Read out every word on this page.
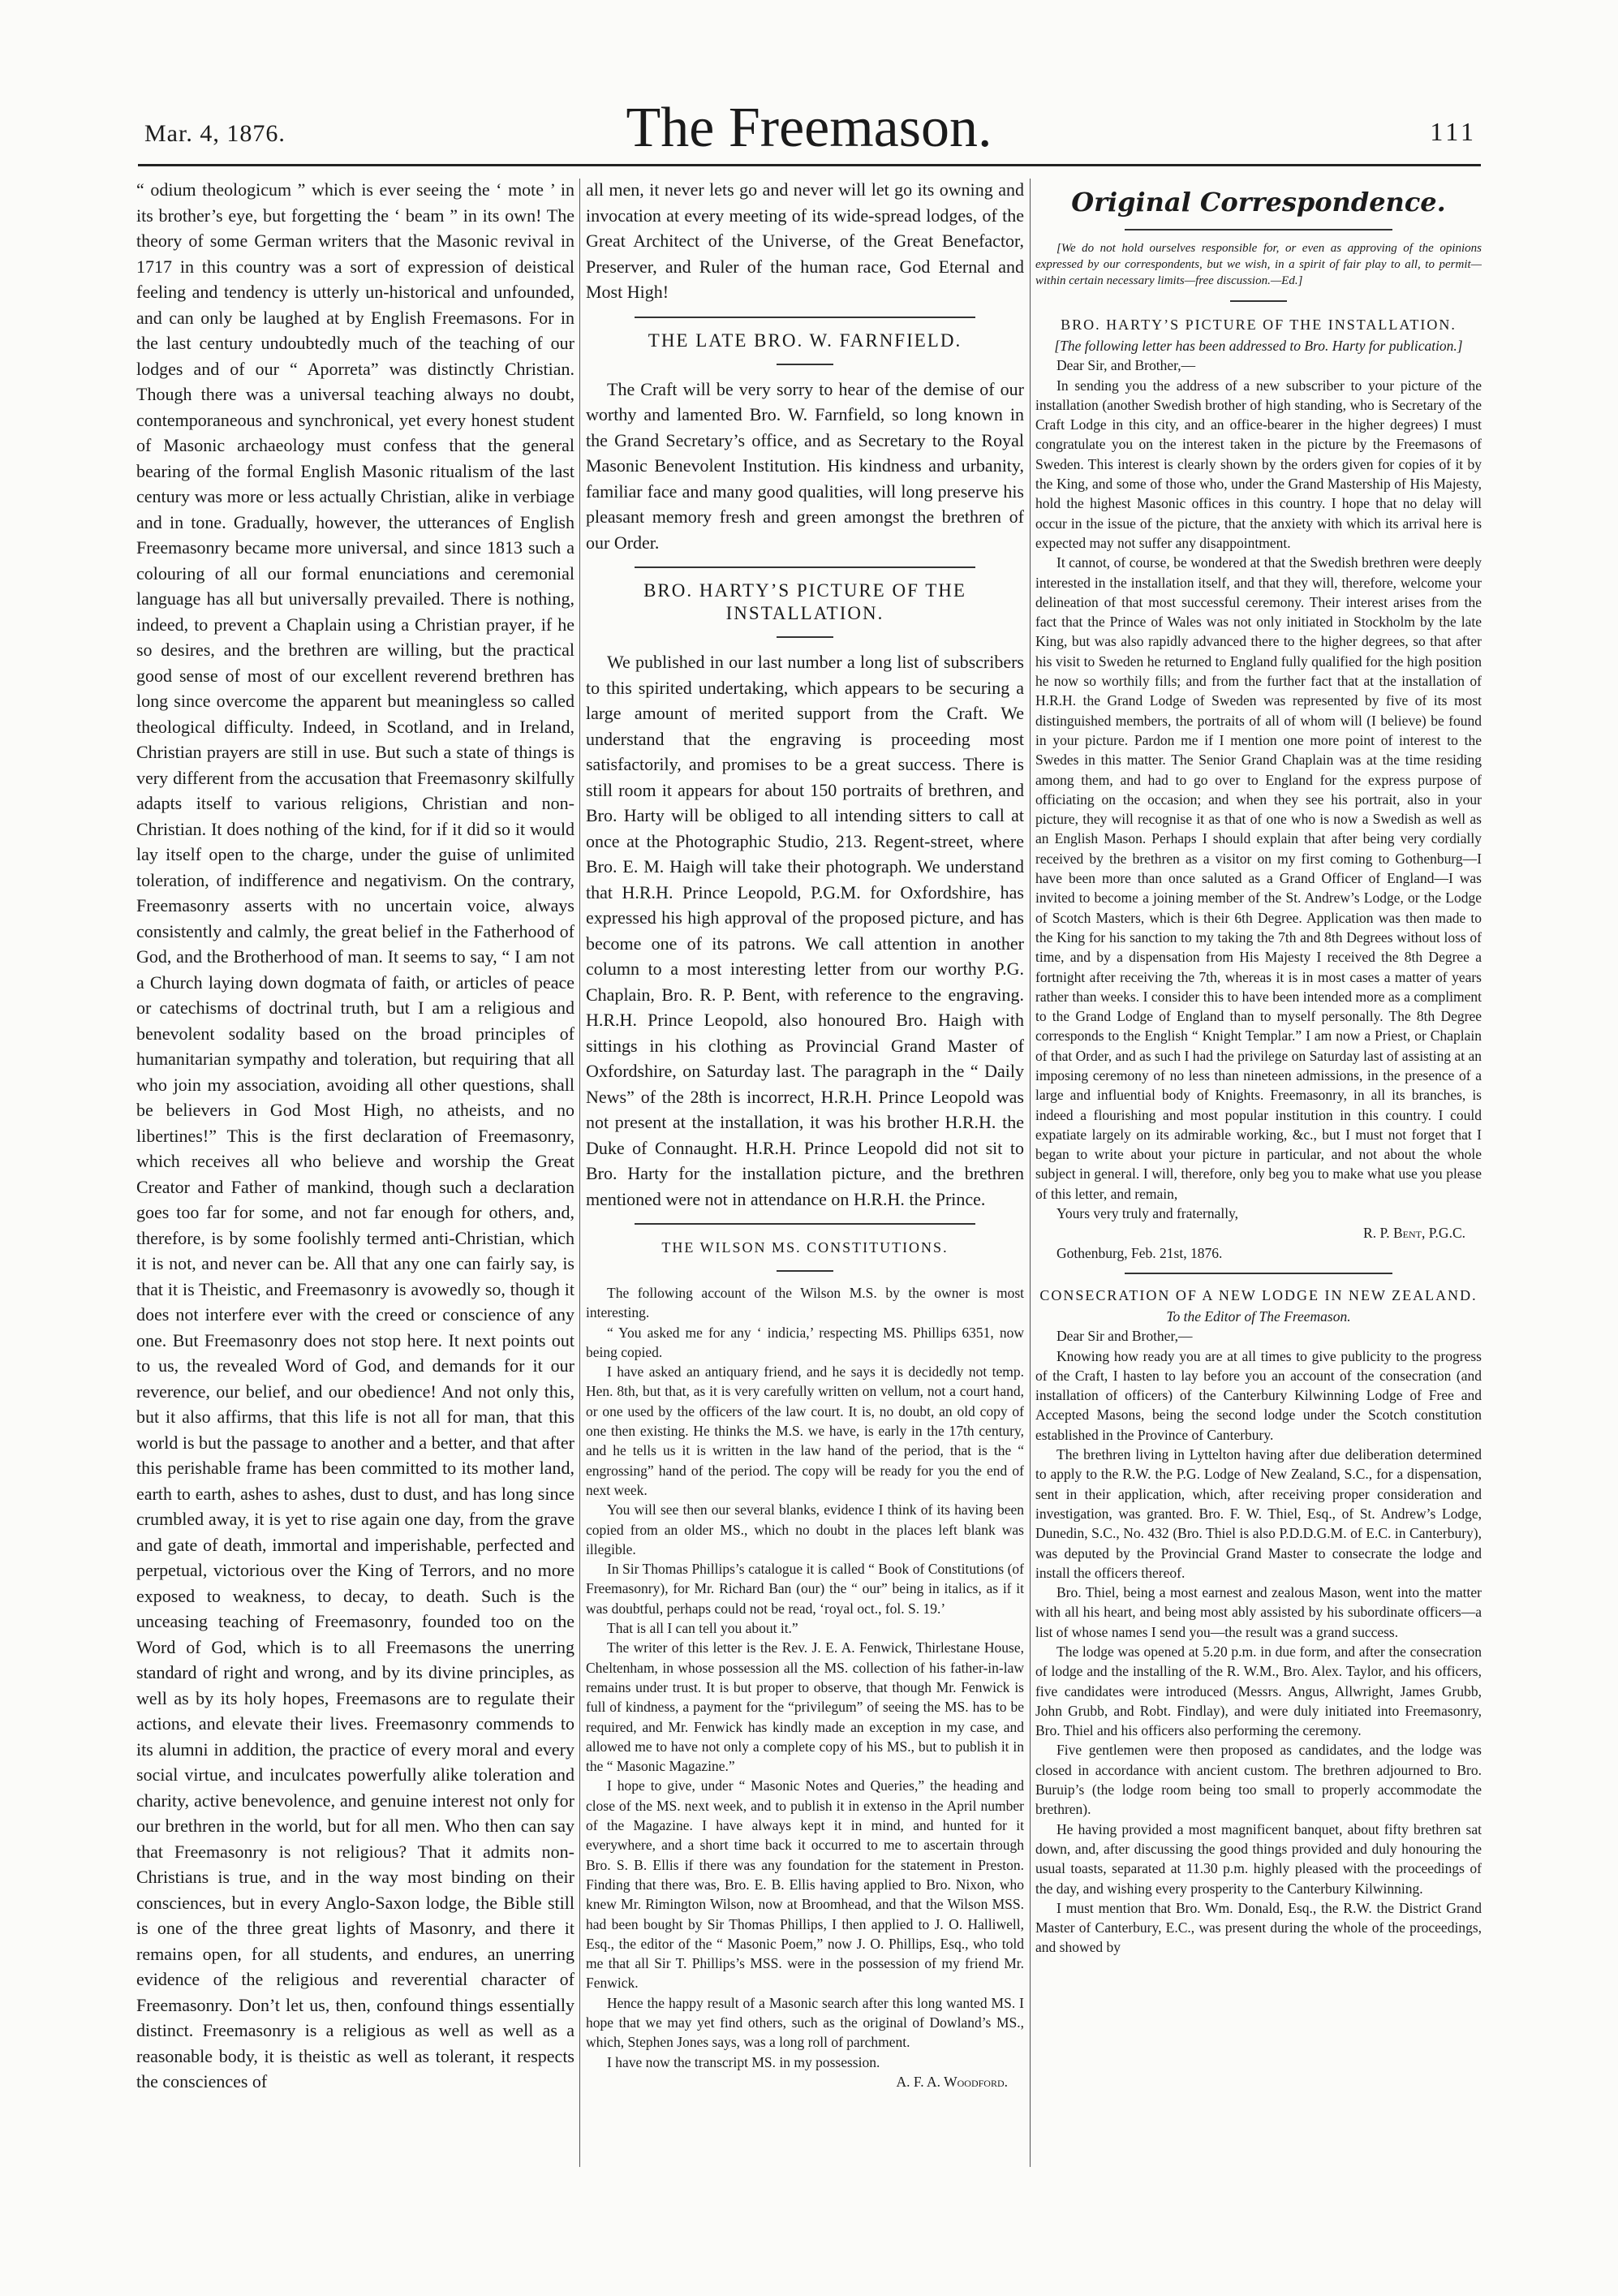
Mar. 4, 1876.	The Freemason.	111

“ odium theologicum ” which is ever seeing the ‘ mote ’ in its brother’s eye, but forgetting the ‘ beam ” in its own! The theory of some German writers that the Masonic revival in 1717 in this country was a sort of expression of deistical feeling and tendency is utterly un-historical and unfounded, and can only be laughed at by English Freemasons. For in the last century undoubtedly much of the teaching of our lodges and of our “ Aporreta” was distinctly Christian. Though there was a universal teaching always no doubt, contemporaneous and synchronical, yet every honest student of Masonic archaeology must confess that the general bearing of the formal English Masonic ritualism of the last century was more or less actually Christian, alike in verbiage and in tone. Gradually, however, the utterances of English Freemasonry became more universal, and since 1813 such a colouring of all our formal enunciations and ceremonial language has all but universally prevailed. There is nothing, indeed, to prevent a Chaplain using a Christian prayer, if he so desires, and the brethren are willing, but the practical good sense of most of our excellent reverend brethren has long since overcome the apparent but meaningless so called theological difficulty. Indeed, in Scotland, and in Ireland, Christian prayers are still in use. But such a state of things is very different from the accusation that Freemasonry skilfully adapts itself to various religions, Christian and non-Christian. It does nothing of the kind, for if it did so it would lay itself open to the charge, under the guise of unlimited toleration, of indifference and negativism. On the contrary, Freemasonry asserts with no uncertain voice, always consistently and calmly, the great belief in the Fatherhood of God, and the Brotherhood of man. It seems to say, “ I am not a Church laying down dogmata of faith, or articles of peace or catechisms of doctrinal truth, but I am a religious and benevolent sodality based on the broad principles of humanitarian sympathy and toleration, but requiring that all who join my association, avoiding all other questions, shall be believers in God Most High, no atheists, and no libertines!” This is the first declaration of Freemasonry, which receives all who believe and worship the Great Creator and Father of mankind, though such a declaration goes too far for some, and not far enough for others, and, therefore, is by some foolishly termed anti-Christian, which it is not, and never can be. All that any one can fairly say, is that it is Theistic, and Freemasonry is avowedly so, though it does not interfere ever with the creed or conscience of any one. But Freemasonry does not stop here. It next points out to us, the revealed Word of God, and demands for it our reverence, our belief, and our obedience! And not only this, but it also affirms, that this life is not all for man, that this world is but the passage to another and a better, and that after this perishable frame has been committed to its mother land, earth to earth, ashes to ashes, dust to dust, and has long since crumbled away, it is yet to rise again one day, from the grave and gate of death, immortal and imperishable, perfected and perpetual, victorious over the King of Terrors, and no more exposed to weakness, to decay, to death. Such is the unceasing teaching of Freemasonry, founded too on the Word of God, which is to all Freemasons the unerring standard of right and wrong, and by its divine principles, as well as by its holy hopes, Freemasons are to regulate their actions, and elevate their lives. Freemasonry commends to its alumni in addition, the practice of every moral and every social virtue, and inculcates powerfully alike toleration and charity, active benevolence, and genuine interest not only for our brethren in the world, but for all men. Who then can say that Freemasonry is not religious? That it admits non-Christians is true, and in the way most binding on their consciences, but in every Anglo-Saxon lodge, the Bible still is one of the three great lights of Masonry, and there it remains open, for all students, and endures, an unerring evidence of the religious and reverential character of Freemasonry. Don’t let us, then, confound things essentially distinct. Freemasonry is a religious as well as well as a reasonable body, it is theistic as well as tolerant, it respects the consciences of

all men, it never lets go and never will let go its owning and invocation at every meeting of its wide-spread lodges, of the Great Architect of the Universe, of the Great Benefactor, Preserver, and Ruler of the human race, God Eternal and Most High!

THE LATE BRO. W. FARNFIELD.

The Craft will be very sorry to hear of the demise of our worthy and lamented Bro. W. Farnfield, so long known in the Grand Secretary’s office, and as Secretary to the Royal Masonic Benevolent Institution. His kindness and urbanity, familiar face and many good qualities, will long preserve his pleasant memory fresh and green amongst the brethren of our Order.

BRO. HARTY’S PICTURE OF THE INSTALLATION.

We published in our last number a long list of subscribers to this spirited undertaking, which appears to be securing a large amount of merited support from the Craft. We understand that the engraving is proceeding most satisfactorily, and promises to be a great success. There is still room it appears for about 150 portraits of brethren, and Bro. Harty will be obliged to all intending sitters to call at once at the Photographic Studio, 213. Regent-street, where Bro. E. M. Haigh will take their photograph. We understand that H.R.H. Prince Leopold, P.G.M. for Oxfordshire, has expressed his high approval of the proposed picture, and has become one of its patrons. We call attention in another column to a most interesting letter from our worthy P.G. Chaplain, Bro. R. P. Bent, with reference to the engraving. H.R.H. Prince Leopold, also honoured Bro. Haigh with sittings in his clothing as Provincial Grand Master of Oxfordshire, on Saturday last. The paragraph in the “ Daily News” of the 28th is incorrect, H.R.H. Prince Leopold was not present at the installation, it was his brother H.R.H. the Duke of Connaught. H.R.H. Prince Leopold did not sit to Bro. Harty for the installation picture, and the brethren mentioned were not in attendance on H.R.H. the Prince.

THE WILSON MS. CONSTITUTIONS.

The following account of the Wilson M.S. by the owner is most interesting.

“ You asked me for any ‘ indicia,’ respecting MS. Phillips 6351, now being copied.

I have asked an antiquary friend, and he says it is decidedly not temp. Hen. 8th, but that, as it is very carefully written on vellum, not a court hand, or one used by the officers of the law court. It is, no doubt, an old copy of one then existing. He thinks the M.S. we have, is early in the 17th century, and he tells us it is written in the law hand of the period, that is the “ engrossing” hand of the period. The copy will be ready for you the end of next week.

You will see then our several blanks, evidence I think of its having been copied from an older MS., which no doubt in the places left blank was illegible.

In Sir Thomas Phillips’s catalogue it is called “ Book of Constitutions (of Freemasonry), for Mr. Richard Ban (our) the “ our” being in italics, as if it was doubtful, perhaps could not be read, ‘royal oct., fol. S. 19.’

That is all I can tell you about it.”

The writer of this letter is the Rev. J. E. A. Fenwick, Thirlestane House, Cheltenham, in whose possession all the MS. collection of his father-in-law remains under trust. It is but proper to observe, that though Mr. Fenwick is full of kindness, a payment for the “privilegum” of seeing the MS. has to be required, and Mr. Fenwick has kindly made an exception in my case, and allowed me to have not only a complete copy of his MS., but to publish it in the “ Masonic Magazine.”

I hope to give, under “ Masonic Notes and Queries,” the heading and close of the MS. next week, and to publish it in extenso in the April number of the Magazine. I have always kept it in mind, and hunted for it everywhere, and a short time back it occurred to me to ascertain through Bro. S. B. Ellis if there was any foundation for the statement in Preston. Finding that there was, Bro. E. B. Ellis having applied to Bro. Nixon, who knew Mr. Rimington Wilson, now at Broomhead, and that the Wilson MSS. had been bought by Sir Thomas Phillips, I then applied to J. O. Halliwell, Esq., the editor of the “ Masonic Poem,” now J. O. Phillips, Esq., who told me that all Sir T. Phillips’s MSS. were in the possession of my friend Mr. Fenwick.

Hence the happy result of a Masonic search after this long wanted MS. I hope that we may yet find others, such as the original of Dowland’s MS., which, Stephen Jones says, was a long roll of parchment.

I have now the transcript MS. in my possession.

A. F. A. Woodford.

Original Correspondence.

[We do not hold ourselves responsible for, or even as approving of the opinions expressed by our correspondents, but we wish, in a spirit of fair play to all, to permit—within certain necessary limits—free discussion.—Ed.]

BRO. HARTY’S PICTURE OF THE INSTALLATION.

[The following letter has been addressed to Bro. Harty for publication.]

Dear Sir, and Brother,—

In sending you the address of a new subscriber to your picture of the installation (another Swedish brother of high standing, who is Secretary of the Craft Lodge in this city, and an office-bearer in the higher degrees) I must congratulate you on the interest taken in the picture by the Freemasons of Sweden. This interest is clearly shown by the orders given for copies of it by the King, and some of those who, under the Grand Mastership of His Majesty, hold the highest Masonic offices in this country. I hope that no delay will occur in the issue of the picture, that the anxiety with which its arrival here is expected may not suffer any disappointment.

It cannot, of course, be wondered at that the Swedish brethren were deeply interested in the installation itself, and that they will, therefore, welcome your delineation of that most successful ceremony. Their interest arises from the fact that the Prince of Wales was not only initiated in Stockholm by the late King, but was also rapidly advanced there to the higher degrees, so that after his visit to Sweden he returned to England fully qualified for the high position he now so worthily fills; and from the further fact that at the installation of H.R.H. the Grand Lodge of Sweden was represented by five of its most distinguished members, the portraits of all of whom will (I believe) be found in your picture. Pardon me if I mention one more point of interest to the Swedes in this matter. The Senior Grand Chaplain was at the time residing among them, and had to go over to England for the express purpose of officiating on the occasion; and when they see his portrait, also in your picture, they will recognise it as that of one who is now a Swedish as well as an English Mason. Perhaps I should explain that after being very cordially received by the brethren as a visitor on my first coming to Gothenburg—I have been more than once saluted as a Grand Officer of England—I was invited to become a joining member of the St. Andrew’s Lodge, or the Lodge of Scotch Masters, which is their 6th Degree. Application was then made to the King for his sanction to my taking the 7th and 8th Degrees without loss of time, and by a dispensation from His Majesty I received the 8th Degree a fortnight after receiving the 7th, whereas it is in most cases a matter of years rather than weeks. I consider this to have been intended more as a compliment to the Grand Lodge of England than to myself personally. The 8th Degree corresponds to the English “ Knight Templar.” I am now a Priest, or Chaplain of that Order, and as such I had the privilege on Saturday last of assisting at an imposing ceremony of no less than nineteen admissions, in the presence of a large and influential body of Knights. Freemasonry, in all its branches, is indeed a flourishing and most popular institution in this country. I could expatiate largely on its admirable working, &c., but I must not forget that I began to write about your picture in particular, and not about the whole subject in general. I will, therefore, only beg you to make what use you please of this letter, and remain,

Yours very truly and fraternally,

R. P. Bent, P.G.C.

Gothenburg, Feb. 21st, 1876.

CONSECRATION OF A NEW LODGE IN NEW ZEALAND.

To the Editor of The Freemason.

Dear Sir and Brother,—

Knowing how ready you are at all times to give publicity to the progress of the Craft, I hasten to lay before you an account of the consecration (and installation of officers) of the Canterbury Kilwinning Lodge of Free and Accepted Masons, being the second lodge under the Scotch constitution established in the Province of Canterbury.

The brethren living in Lyttelton having after due deliberation determined to apply to the R.W. the P.G. Lodge of New Zealand, S.C., for a dispensation, sent in their application, which, after receiving proper consideration and investigation, was granted. Bro. F. W. Thiel, Esq., of St. Andrew’s Lodge, Dunedin, S.C., No. 432 (Bro. Thiel is also P.D.D.G.M. of E.C. in Canterbury), was deputed by the Provincial Grand Master to consecrate the lodge and install the officers thereof.

Bro. Thiel, being a most earnest and zealous Mason, went into the matter with all his heart, and being most ably assisted by his subordinate officers—a list of whose names I send you—the result was a grand success.

The lodge was opened at 5.20 p.m. in due form, and after the consecration of lodge and the installing of the R. W.M., Bro. Alex. Taylor, and his officers, five candidates were introduced (Messrs. Angus, Allwright, James Grubb, John Grubb, and Robt. Findlay), and were duly initiated into Freemasonry, Bro. Thiel and his officers also performing the ceremony.

Five gentlemen were then proposed as candidates, and the lodge was closed in accordance with ancient custom. The brethren adjourned to Bro. Buruip’s (the lodge room being too small to properly accommodate the brethren).

He having provided a most magnificent banquet, about fifty brethren sat down, and, after discussing the good things provided and duly honouring the usual toasts, separated at 11.30 p.m. highly pleased with the proceedings of the day, and wishing every prosperity to the Canterbury Kilwinning.

I must mention that Bro. Wm. Donald, Esq., the R.W. the District Grand Master of Canterbury, E.C., was present during the whole of the proceedings, and showed by
